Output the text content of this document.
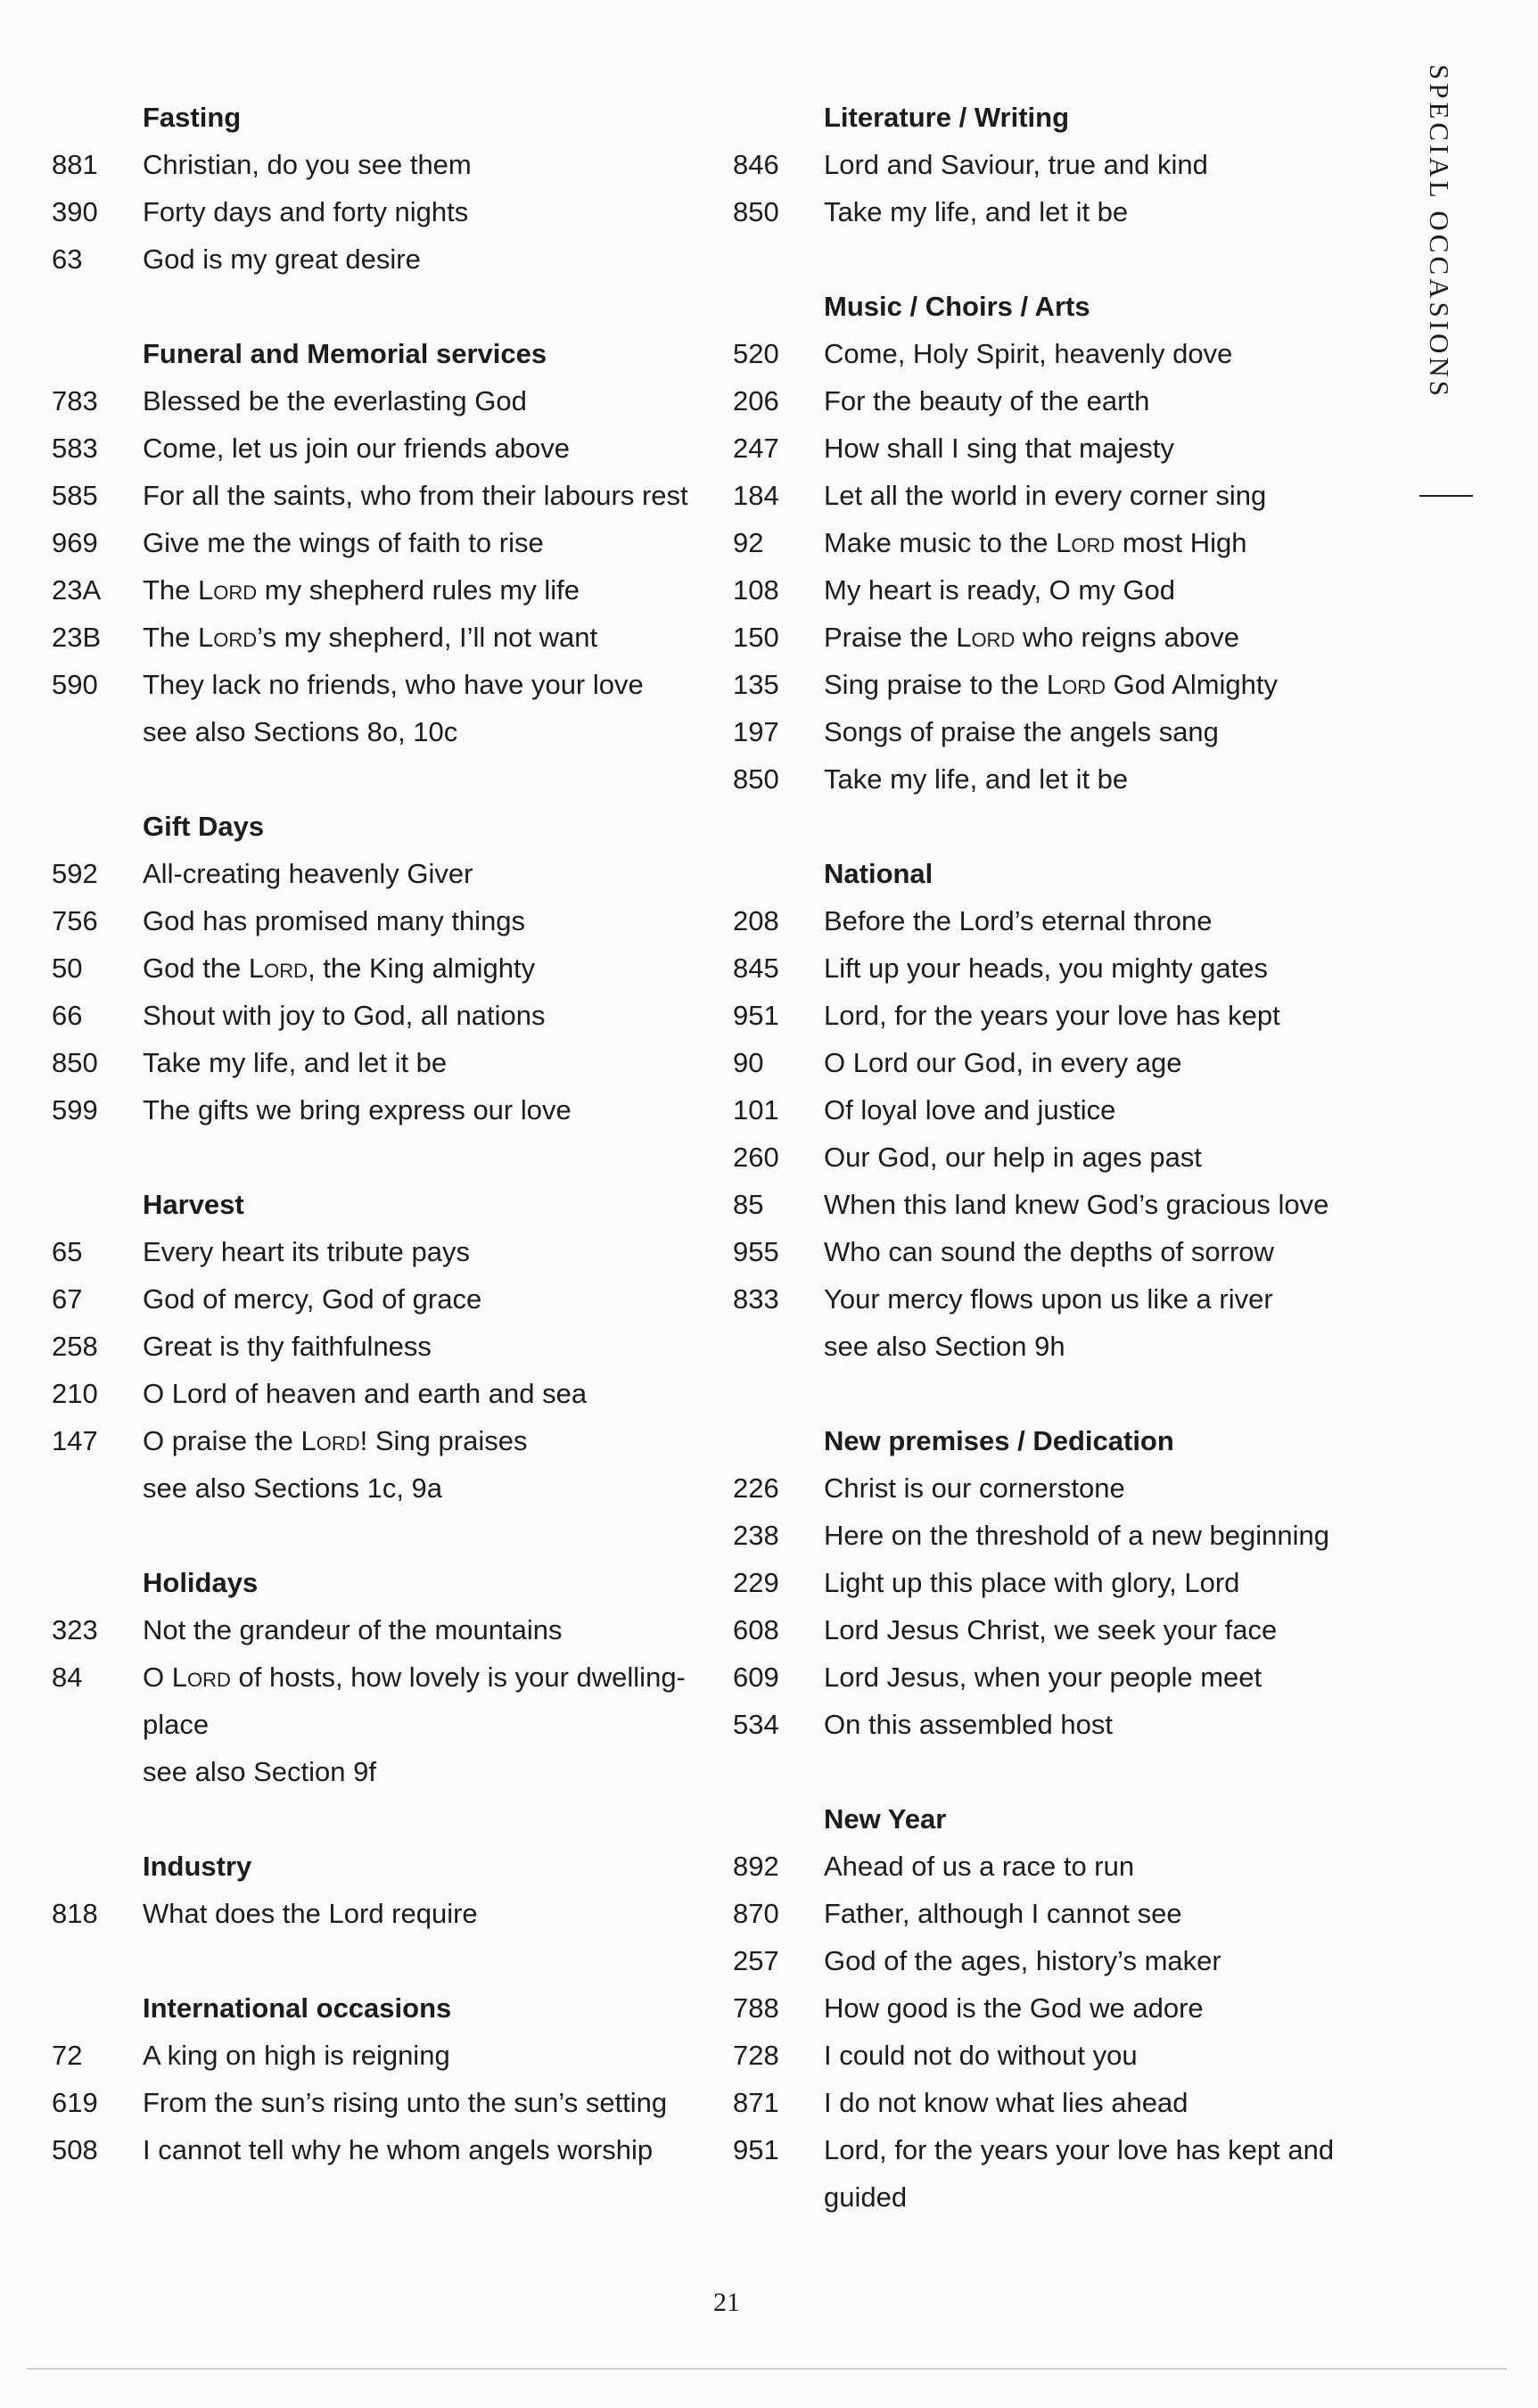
Fasting
881	Christian, do you see them
390	Forty days and forty nights
63	God is my great desire
Funeral and Memorial services
783	Blessed be the everlasting God
583	Come, let us join our friends above
585	For all the saints, who from their labours rest
969	Give me the wings of faith to rise
23A	The Lord my shepherd rules my life
23B	The Lord’s my shepherd, I’ll not want
590	They lack no friends, who have your love
see also Sections 8o, 10c
Gift Days
592	All-creating heavenly Giver
756	God has promised many things
50	God the Lord, the King almighty
66	Shout with joy to God, all nations
850	Take my life, and let it be
599	The gifts we bring express our love
Harvest
65	Every heart its tribute pays
67	God of mercy, God of grace
258	Great is thy faithfulness
210	O Lord of heaven and earth and sea
147	O praise the Lord! Sing praises
see also Sections 1c, 9a
Holidays
323	Not the grandeur of the mountains
84	O Lord of hosts, how lovely is your dwelling-place
see also Section 9f
Industry
818	What does the Lord require
International occasions
72	A king on high is reigning
619	From the sun’s rising unto the sun’s setting
508	I cannot tell why he whom angels worship
Literature / Writing
846	Lord and Saviour, true and kind
850	Take my life, and let it be
Music / Choirs / Arts
520	Come, Holy Spirit, heavenly dove
206	For the beauty of the earth
247	How shall I sing that majesty
184	Let all the world in every corner sing
92	Make music to the Lord most High
108	My heart is ready, O my God
150	Praise the Lord who reigns above
135	Sing praise to the Lord God Almighty
197	Songs of praise the angels sang
850	Take my life, and let it be
National
208	Before the Lord’s eternal throne
845	Lift up your heads, you mighty gates
951	Lord, for the years your love has kept
90	O Lord our God, in every age
101	Of loyal love and justice
260	Our God, our help in ages past
85	When this land knew God’s gracious love
955	Who can sound the depths of sorrow
833	Your mercy flows upon us like a river
see also Section 9h
New premises / Dedication
226	Christ is our cornerstone
238	Here on the threshold of a new beginning
229	Light up this place with glory, Lord
608	Lord Jesus Christ, we seek your face
609	Lord Jesus, when your people meet
534	On this assembled host
New Year
892	Ahead of us a race to run
870	Father, although I cannot see
257	God of the ages, history’s maker
788	How good is the God we adore
728	I could not do without you
871	I do not know what lies ahead
951	Lord, for the years your love has kept and guided
SPECIAL OCCASIONS
21
